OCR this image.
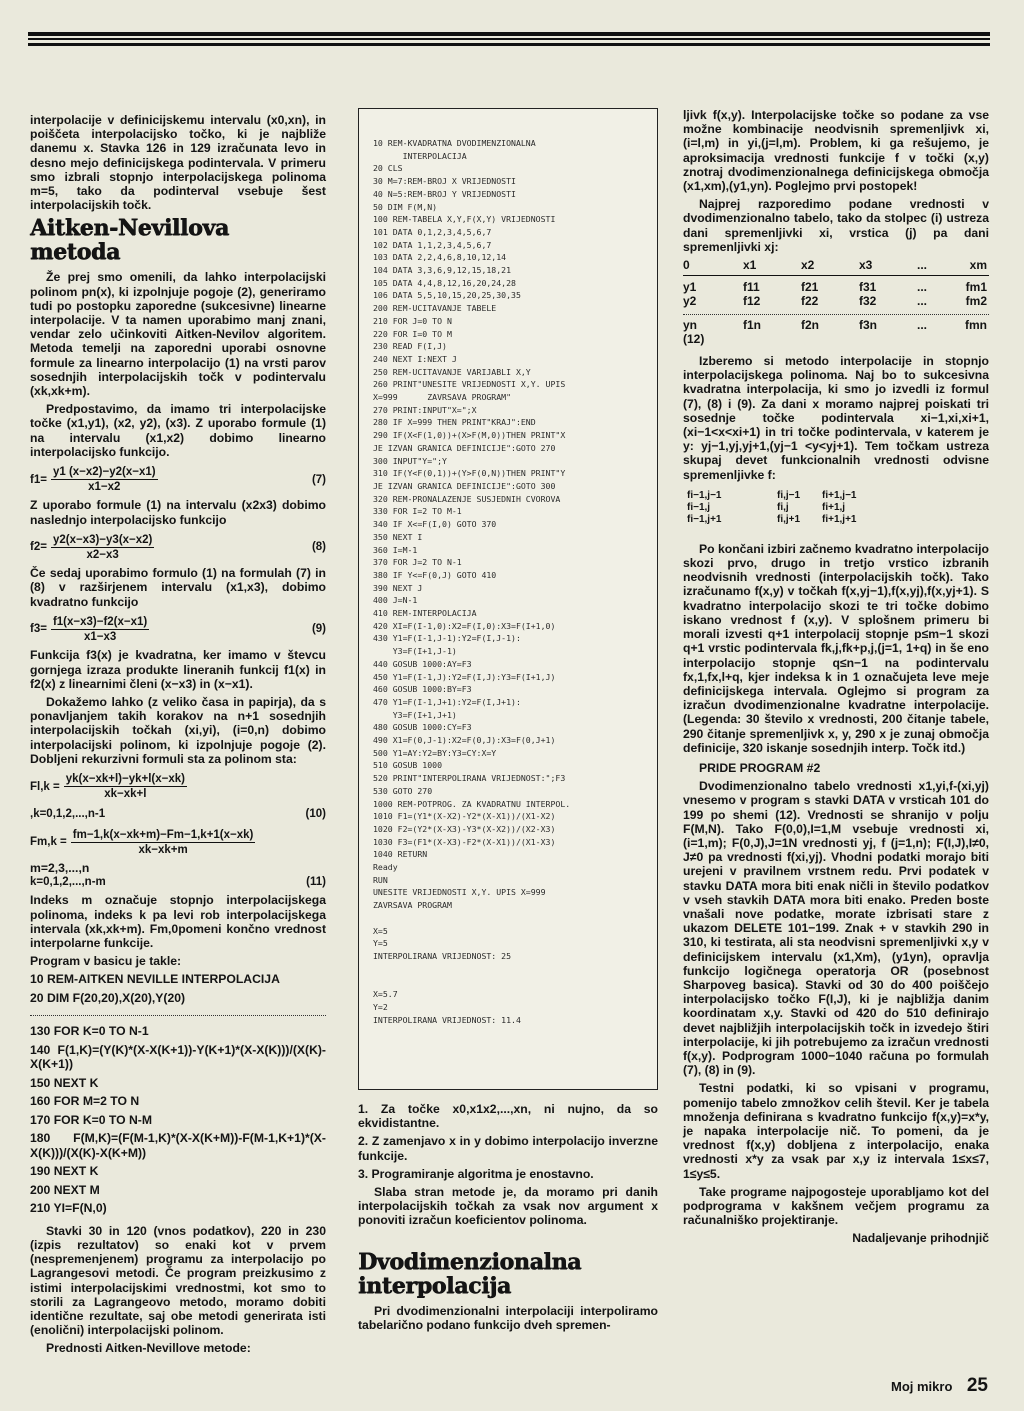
interpolacije v definicijskemu intervalu (x0,xn), in poiščeta interpolacijsko točko, ki je najbliže danemu x. Stavka 126 in 129 izračunata levo in desno mejo definicijskega podintervala. V primeru smo izbrali stopnjo interpolacijskega polinoma m=5, tako da podinterval vsebuje šest interpolacijskih točk.

Aitken-Nevillova metoda

Že prej smo omenili, da lahko interpolacijski polinom pn(x), ki izpolnjuje pogoje (2), generiramo tudi po postopku zaporedne (sukcesivne) linearne interpolacije. V ta namen uporabimo manj znani, vendar zelo učinkoviti Aitken-Nevilov algoritem. Metoda temelji na zaporedni uporabi osnovne formule za linearno interpolacijo (1) na vrsti parov sosednjih interpolacijskih točk v podintervalu (xk,xk+m).

Predpostavimo, da imamo tri interpolacijske točke (x1,y1), (x2, y2), (x3). Z uporabo formule (1) na intervalu (x1,x2) dobimo linearno interpolacijsko funkcijo.

$f1= \frac{y1 (x-x2)-y2(x-x1)}{x1-x2}$	(7)

Z uporabo formule (1) na intervalu (x2x3) dobimo naslednjo interpolacijsko funkcijo

$f2= \frac{y2(x-x3)-y3(x-x2)}{x2-x3}$	(8)

Če sedaj uporabimo formulo (1) na formulah (7) in (8) v razširjenem intervalu (x1,x3), dobimo kvadratno funkcijo

$f3= \frac{f1(x-x3)-f2(x-x1)}{x1-x3}$	(9)

Funkcija f3(x) je kvadratna, ker imamo v števcu gornjega izraza produkte lineranih funkcij f1(x) in f2(x) z linearnimi členi (x−x3) in (x−x1).

Dokažemo lahko (z veliko časa in papirja), da s ponavljanjem takih korakov na n+1 sosednjih interpolacijskih točkah (xi,yi), (i=0,n) dobimo interpolacijski polinom, ki izpolnjuje pogoje (2). Dobljeni rekurzivni formuli sta za polinom sta:

$Fl,k = \frac{yk(x-xk+l)-yk+l(x-xk)}{xk-xk+l}$
,k=0,1,2,...,n-1	(10)
$Fm,k = \frac{fm-1,k(x-xk+m)-Fm-1,k+1(x-xk)}{xk-xk+m}$

m=2,3,...,n

k=0,1,2,...,n-m	(11)

Indeks m označuje stopnjo interpolacijskega polinoma, indeks k pa levi rob interpolacijskega intervala (xk,xk+m). Fm,0pomeni končno vrednost interpolarne funkcije.

Program v basicu je takle:

10 REM-AITKEN NEVILLE INTERPOLACIJA

20 DIM F(20,20),X(20),Y(20)

130 FOR K=0 TO N-1

140 F(1,K)=(Y(K)*(X-X(K+1))-Y(K+1)*(X-X(K)))/(X(K)-X(K+1))

150 NEXT K

160 FOR M=2 TO N

170 FOR K=0 TO N-M

180 F(M,K)=(F(M-1,K)*(X-X(K+M))-F(M-1,K+1)*(X-X(K)))/(X(K)-X(K+M))

190 NEXT K

200 NEXT M

210 YI=F(N,0)

Stavki 30 in 120 (vnos podatkov), 220 in 230 (izpis rezultatov) so enaki kot v prvem (nespremenjenem) programu za interpolacijo po Lagrangesovi metodi. Če program preizkusimo z istimi interpolacijskimi vrednostmi, kot smo to storili za Lagrangeovo metodo, moramo dobiti identične rezultate, saj obe metodi generirata isti (enolični) interpolacijski polinom.

Prednosti Aitken-Nevillove metode:

10 REM-KVADRATNA DVODIMENZIONALNA
INTERPOLACIJA
20 CLS
30 M=7:REM-BROJ X VRIJEDNOSTI
40 N=5:REM-BROJ Y VRIJEDNOSTI
50 DIM F(M,N)
100 REM-TABELA X,Y,F(X,Y) VRIJEDNOSTI
101 DATA 0,1,2,3,4,5,6,7
102 DATA 1,1,2,3,4,5,6,7
103 DATA 2,2,4,6,8,10,12,14
104 DATA 3,3,6,9,12,15,18,21
105 DATA 4,4,8,12,16,20,24,28
106 DATA 5,5,10,15,20,25,30,35
200 REM-UCITAVANJE TABELE
210 FOR J=0 TO N
220 FOR I=0 TO M
230 READ F(I,J)
240 NEXT I:NEXT J
250 REM-UCITAVANJE VARIJABLI X,Y
260 PRINT"UNESITE VRIJEDNOSTI X,Y. UPIS
X=999      ZAVRSAVA PROGRAM"
270 PRINT:INPUT"X=";X
280 IF X=999 THEN PRINT"KRAJ":END
290 IF(X<F(1,0))+(X>F(M,0))THEN PRINT"X
JE IZVAN GRANICA DEFINICIJE":GOTO 270
300 INPUT"Y=";Y
310 IF(Y<F(0,1))+(Y>F(0,N))THEN PRINT"Y
JE IZVAN GRANICA DEFINICIJE":GOTO 300
320 REM-PRONALAZENJE SUSJEDNIH CVOROVA
330 FOR I=2 TO M-1
340 IF X<=F(I,0) GOTO 370
350 NEXT I
360 I=M-1
370 FOR J=2 TO N-1
380 IF Y<=F(0,J) GOTO 410
390 NEXT J
400 J=N-1
410 REM-INTERPOLACIJA
420 XI=F(I-1,0):X2=F(I,0):X3=F(I+1,0)
430 Y1=F(I-1,J-1):Y2=F(I,J-1):
Y3=F(I+1,J-1)
440 GOSUB 1000:AY=F3
450 Y1=F(I-1,J):Y2=F(I,J):Y3=F(I+1,J)
460 GOSUB 1000:BY=F3
470 Y1=F(I-1,J+1):Y2=F(I,J+1):
Y3=F(I+1,J+1)
480 GOSUB 1000:CY=F3
490 X1=F(0,J-1):X2=F(0,J):X3=F(0,J+1)
500 Y1=AY:Y2=BY:Y3=CY:X=Y
510 GOSUB 1000
520 PRINT"INTERPOLIRANA VRIJEDNOST:";F3
530 GOTO 270
1000 REM-POTPROG. ZA KVADRATNU INTERPOL.
1010 F1=(Y1*(X-X2)-Y2*(X-X1))/(X1-X2)
1020 F2=(Y2*(X-X3)-Y3*(X-X2))/(X2-X3)
1030 F3=(F1*(X-X3)-F2*(X-X1))/(X1-X3)
1040 RETURN
Ready
RUN
UNESITE VRIJEDNOSTI X,Y. UPIS X=999
ZAVRSAVA PROGRAM

X=5
Y=5
INTERPOLIRANA VRIJEDNOST: 25

X=5.7
Y=2
INTERPOLIRANA VRIJEDNOST: 11.4

1. Za točke x0,x1x2,...,xn, ni nujno, da so ekvidistantne.

2. Z zamenjavo x in y dobimo interpolacijo inverzne funkcije.

3. Programiranje algoritma je enostavno.

Slaba stran metode je, da moramo pri danih interpolacijskih točkah za vsak nov argument x ponoviti izračun koeficientov polinoma.

Dvodimenzionalna interpolacija

Pri dvodimenzionalni interpolaciji interpoliramo tabelarično podano funkcijo dveh spremen-

ljivk f(x,y). Interpolacijske točke so podane za vse možne kombinacije neodvisnih spremenljivk xi,(i=l,m) in yi,(j=l,m). Problem, ki ga rešujemo, je aproksimacija vrednosti funkcije f v točki (x,y) znotraj dvodimenzionalnega definicijskega območja (x1,xm),(y1,yn). Poglejmo prvi postopek!

Najprej razporedimo podane vrednosti v dvodimenzionalno tabelo, tako da stolpec (i) ustreza dani spremenljivki xi, vrstica (j) pa dani spremenljivki xj:

0	x1	x2	x3	...	xm
y1	f11	f21	f31	...	fm1
y2	f12	f22	f32	...	fm2
yn	f1n	f2n	f3n	...	fmn
(12)

Izberemo si metodo interpolacije in stopnjo interpolacijskega polinoma. Naj bo to sukcesivna kvadratna interpolacija, ki smo jo izvedli iz formul (7), (8) i (9). Za dani x moramo najprej poiskati tri sosednje točke podintervala xi−1,xi,xi+1,(xi−1<x<xi+1) in tri točke podintervala, v katerem je y: yj−1,yj,yj+1,(yj−1 <y<yj+1). Tem točkam ustreza skupaj devet funkcionalnih vrednosti odvisne spremenljivke f:

fi−1,j−1	fi,j−1	fi+1,j−1
fi−1,j	fi,j	fi+1,j
fi−1,j+1	fi,j+1	fi+1,j+1

Po končani izbiri začnemo kvadratno interpolacijo skozi prvo, drugo in tretjo vrstico izbranih neodvisnih vrednosti (interpolacijskih točk). Tako izračunamo f(x,y) v točkah f(x,yj−1),f(x,yj),f(x,yj+1). S kvadratno interpolacijo skozi te tri točke dobimo iskano vrednost f (x,y). V splošnem primeru bi morali izvesti q+1 interpolacij stopnje p≤m−1 skozi q+1 vrstic podintervala fk,j,fk+p,j,(j=1, 1+q) in še eno interpolacijo stopnje q≤n−1 na podintervalu fx,1,fx,l+q, kjer indeksa k in 1 označujeta leve meje definicijskega intervala. Oglejmo si program za izračun dvodimenzionalne kvadratne interpolacije. (Legenda: 30 število x vrednosti, 200 čitanje tabele, 290 čitanje spremenljivk x, y, 290 x je zunaj območja definicije, 320 iskanje sosednjih interp. Točk itd.)

PRIDE PROGRAM #2

Dvodimenzionalno tabelo vrednosti x1,yi,f-(xi,yj) vnesemo v program s stavki DATA v vrsticah 101 do 199 po shemi (12). Vrednosti se shranijo v polju F(M,N). Tako F(0,0),I=1,M vsebuje vrednosti xi,(i=1,m); F(0,J),J=1N vrednosti yj, f (j=1,n); F(I,J),I≠0, J≠0 pa vrednosti f(xi,yj). Vhodni podatki morajo biti urejeni v pravilnem vrstnem redu. Prvi podatek v stavku DATA mora biti enak ničli in število podatkov v vseh stavkih DATA mora biti enako. Preden boste vnašali nove podatke, morate izbrisati stare z ukazom DELETE 101−199. Znak + v stavkih 290 in 310, ki testirata, ali sta neodvisni spremenljivki x,y v definicijskem intervalu (x1,Xm), (y1yn), opravlja funkcijo logičnega operatorja OR (posebnost Sharpoveg basica). Stavki od 30 do 400 poiščejo interpolacijsko točko F(I,J), ki je najbližja danim koordinatam x,y. Stavki od 420 do 510 definirajo devet najbližjih interpolacijskih točk in izvedejo štiri interpolacije, ki jih potrebujemo za izračun vrednosti f(x,y). Podprogram 1000−1040 računa po formulah (7), (8) in (9).

Testni podatki, ki so vpisani v programu, pomenijo tabelo zmnožkov celih števil. Ker je tabela množenja definirana s kvadratno funkcijo f(x,y)=x*y, je napaka interpolacije nič. To pomeni, da je vrednost f(x,y) dobljena z interpolacijo, enaka vrednosti x*y za vsak par x,y iz intervala 1≤x≤7, 1≤y≤5.

Take programe najpogosteje uporabljamo kot del podprograma v kakšnem večjem programu za računalniško projektiranje.

Nadaljevanje prihodnjič

Moj mikro 25
